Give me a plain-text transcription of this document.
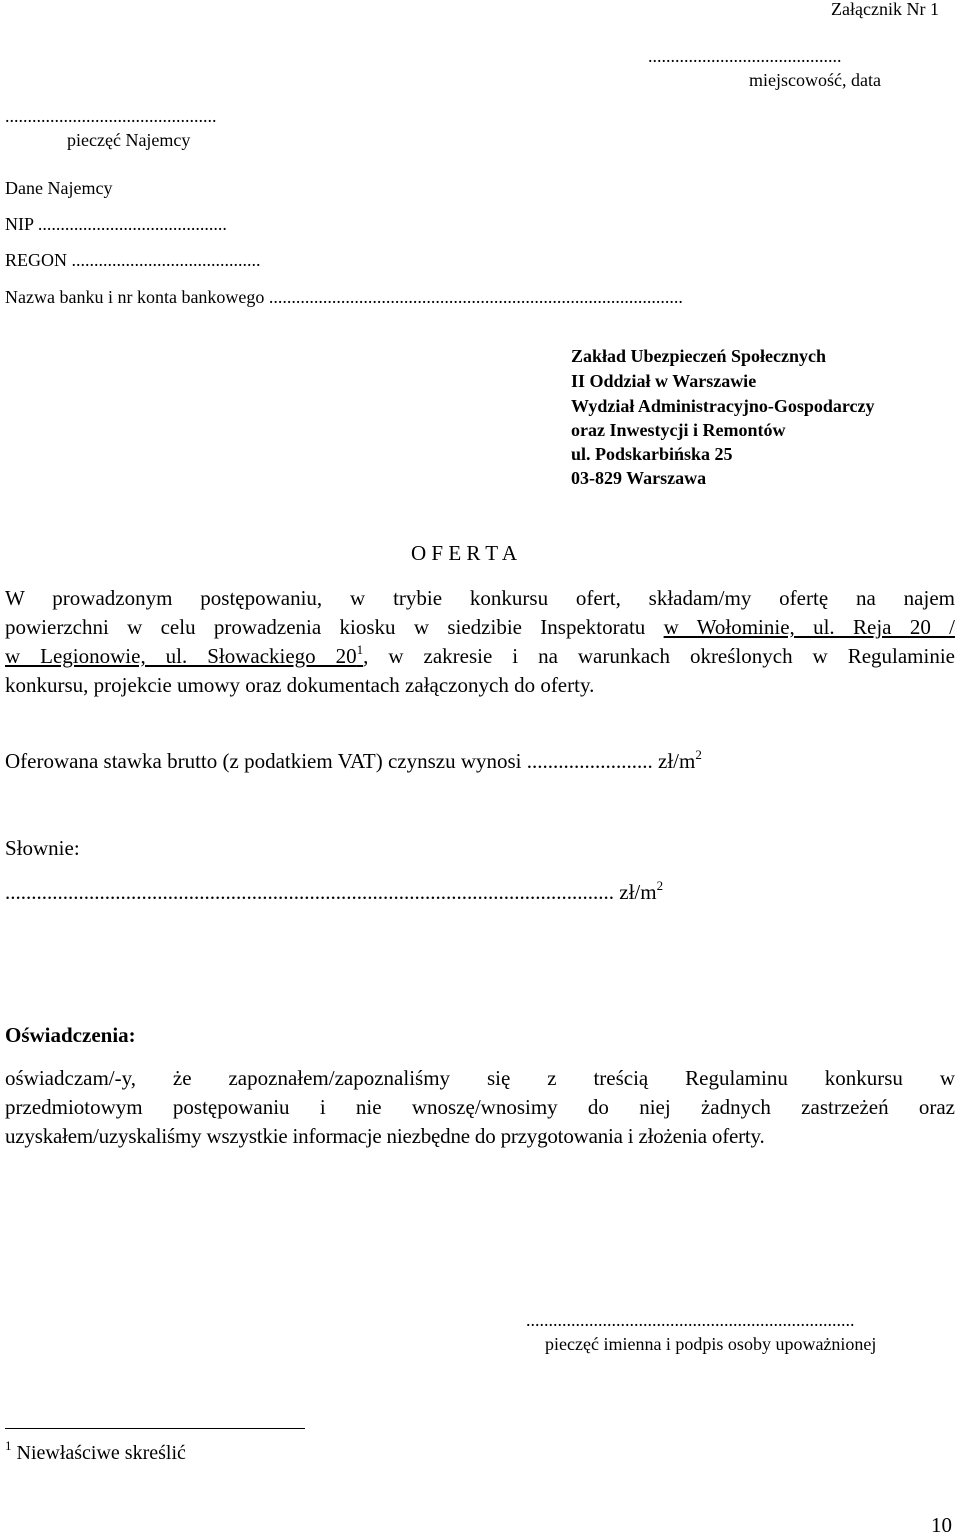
Załącznik Nr 1
...........................................
miejscowość, data
...............................................
pieczęć Najemcy
Dane Najemcy
NIP ..........................................
REGON ..........................................
Nazwa banku i nr konta bankowego ............................................................................................
Zakład Ubezpieczeń Społecznych
II Oddział w Warszawie
Wydział Administracyjno-Gospodarczy
oraz Inwestycji i Remontów
ul. Podskarbińska 25
03-829 Warszawa
O F E R T A
W prowadzonym postępowaniu, w trybie konkursu ofert, składam/my ofertę na najem
powierzchni w celu prowadzenia kiosku w siedzibie Inspektoratu w Wołominie, ul. Reja 20 /
w Legionowie, ul. Słowackiego $20^1$, w zakresie i na warunkach określonych w Regulaminie
konkursu, projekcie umowy oraz dokumentach załączonych do oferty.
Oferowana stawka brutto (z podatkiem VAT) czynszu wynosi ........................ $zł/m^2$
Słownie:
.................................................................................................................... $zł/m^2$
Oświadczenia:
oświadczam/-y, że zapoznałem/zapoznaliśmy się z treścią Regulaminu konkursu w
przedmiotowym postępowaniu i nie wnoszę/wnosimy do niej żadnych zastrzeżeń oraz
uzyskałem/uzyskaliśmy wszystkie informacje niezbędne do przygotowania i złożenia oferty.
.........................................................................
pieczęć imienna i podpis osoby upoważnionej
$^1$ Niewłaściwe skreślić
10
